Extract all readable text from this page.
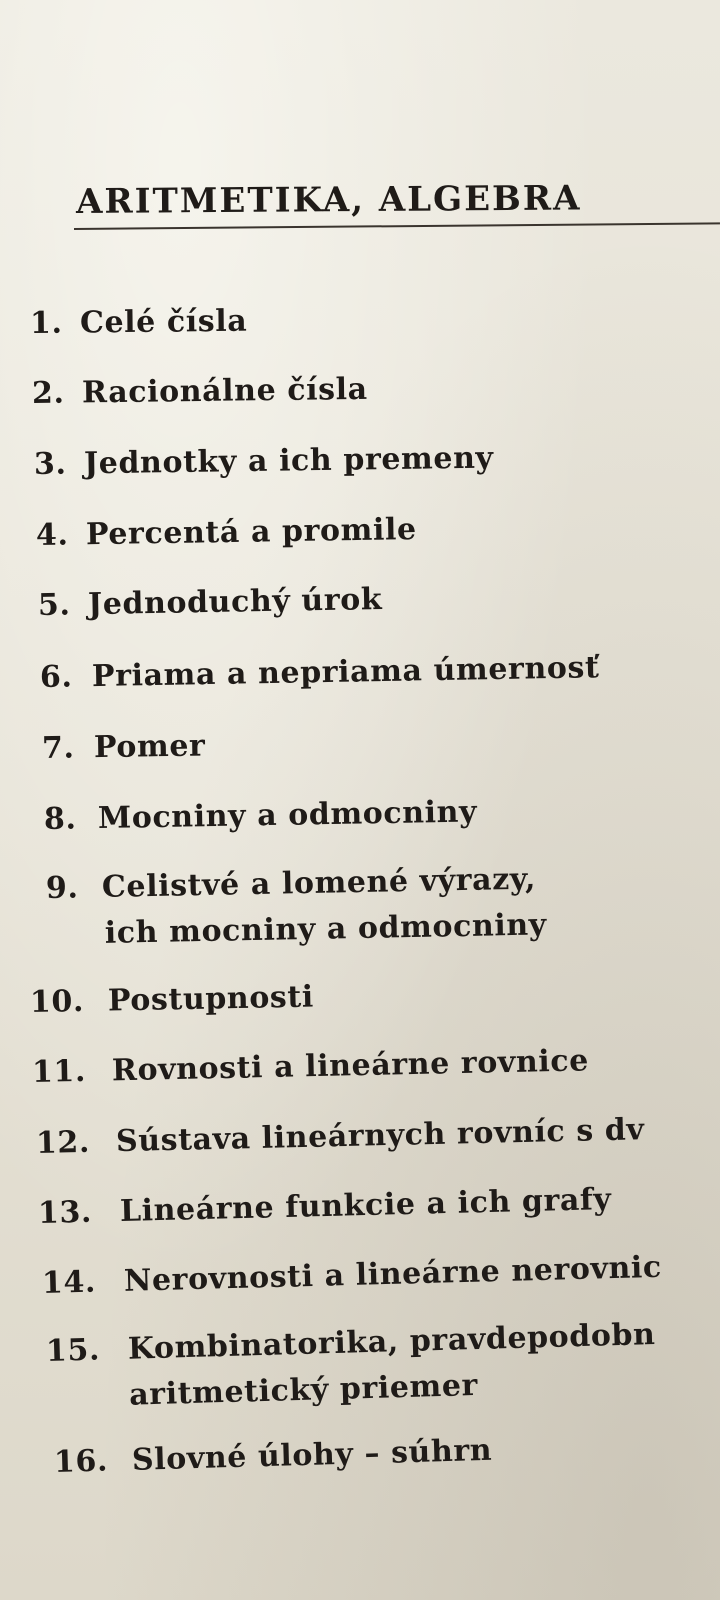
ARITMETIKA, ALGEBRA
1. Celé čísla
2. Racionálne čísla
3. Jednotky a ich premeny
4. Percentá a promile
5. Jednoduchý úrok
6. Priama a nepriama úmernosť
7. Pomer
8. Mocniny a odmocniny
9. Celistvé a lomené výrazy,
ich mocniny a odmocniny
10. Postupnosti
11. Rovnosti a lineárne rovnice
12. Sústava lineárnych rovníc s dv
13. Lineárne funkcie a ich grafy
14. Nerovnosti a lineárne nerovnic
15. Kombinatorika, pravdepodobn
aritmetický priemer
16. Slovné úlohy – súhrn
